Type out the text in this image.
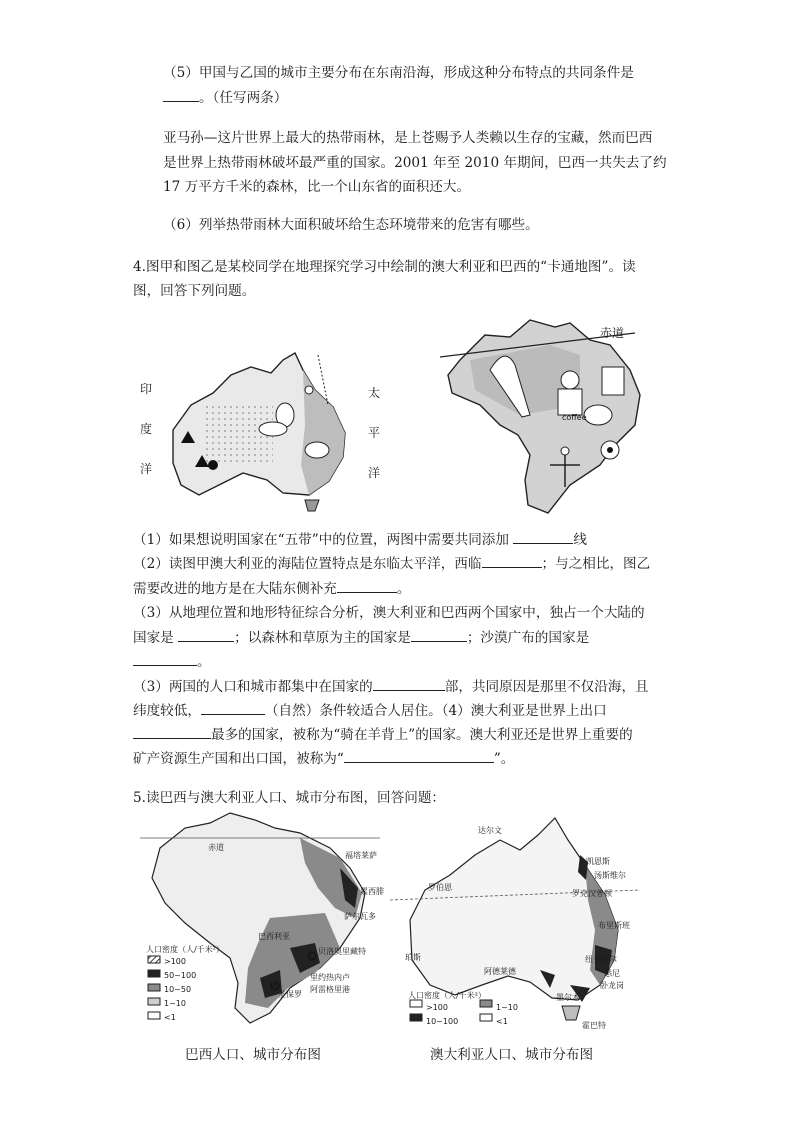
（5）甲国与乙国的城市主要分布在东南沿海，形成这种分布特点的共同条件是
。（任写两条）
亚马孙—这片世界上最大的热带雨林，是上苍赐予人类赖以生存的宝藏，然而巴西
是世界上热带雨林破坏最严重的国家。2001 年至 2010 年期间，巴西一共失去了约
17 万平方千米的森林，比一个山东省的面积还大。
（6）列举热带雨林大面积破坏给生态环境带来的危害有哪些。
4.图甲和图乙是某校同学在地理探究学习中绘制的澳大利亚和巴西的“卡通地图”。读
图，回答下列问题。
印
度
洋
太
平
洋
赤道
coffee
（1）如果想说明国家在“五带”中的位置，两图中需要共同添加	线
（2）读图甲澳大利亚的海陆位置特点是东临太平洋，西临	；与之相比，图乙
需要改进的地方是在大陆东侧补充	。
（3）从地理位置和地形特征综合分析，澳大利亚和巴西两个国家中，独占一个大陆的
国家是	；以森林和草原为主的国家是	；沙漠广布的国家是
。
（3）两国的人口和城市都集中在国家的	部，共同原因是那里不仅沿海，且
纬度较低，	（自然）条件较适合人居住。（4）澳大利亚是世界上出口
最多的国家，被称为“骑在羊背上”的国家。澳大利亚还是世界上重要的
矿产资源生产国和出口国，被称为“	”。
5.读巴西与澳大利亚人口、城市分布图，回答问题：
赤道
福塔莱萨
累西腓
萨尔瓦多
巴西利亚
贝洛奥里藏特
里约热内卢
圣保罗
阿雷格里港
人口密度（人/千米²）
>100
50~100
10~50
1~10
<1
达尔文
凯恩斯
汤斯维尔
罗伯恩
罗克汉普顿
布里斯班
珀斯
阿德莱德
纽卡斯尔
悉尼
卧龙岗
墨尔本
霍巴特
人口密度（人/千米²）
>100	1~10
10~100	<1
巴西人口、城市分布图	澳大利亚人口、城市分布图
